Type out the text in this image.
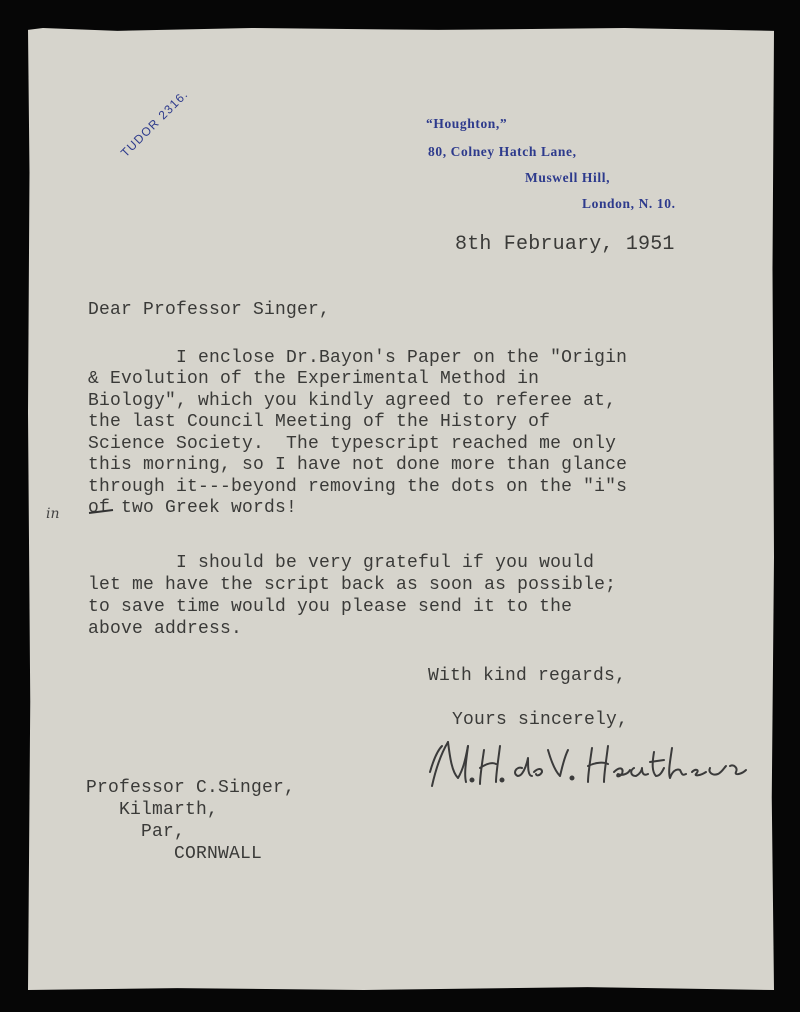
“Houghton,”
80, Colney Hatch Lane,
Muswell Hill,
London, N. 10.
TUDOR 2316.
8th February, 1951
Dear Professor Singer,
I enclose Dr.Bayon's Paper on the "Origin
& Evolution of the Experimental Method in
Biology", which you kindly agreed to referee at,
the last Council Meeting of the History of
Science Society.  The typescript reached me only
this morning, so I have not done more than glance
through it---beyond removing the dots on the "i"s
of two Greek words!
in
I should be very grateful if you would
let me have the script back as soon as possible;
to save time would you please send it to the
above address.
With kind regards,
Yours sincerely,
Professor C.Singer,
Kilmarth,
Par,
CORNWALL
